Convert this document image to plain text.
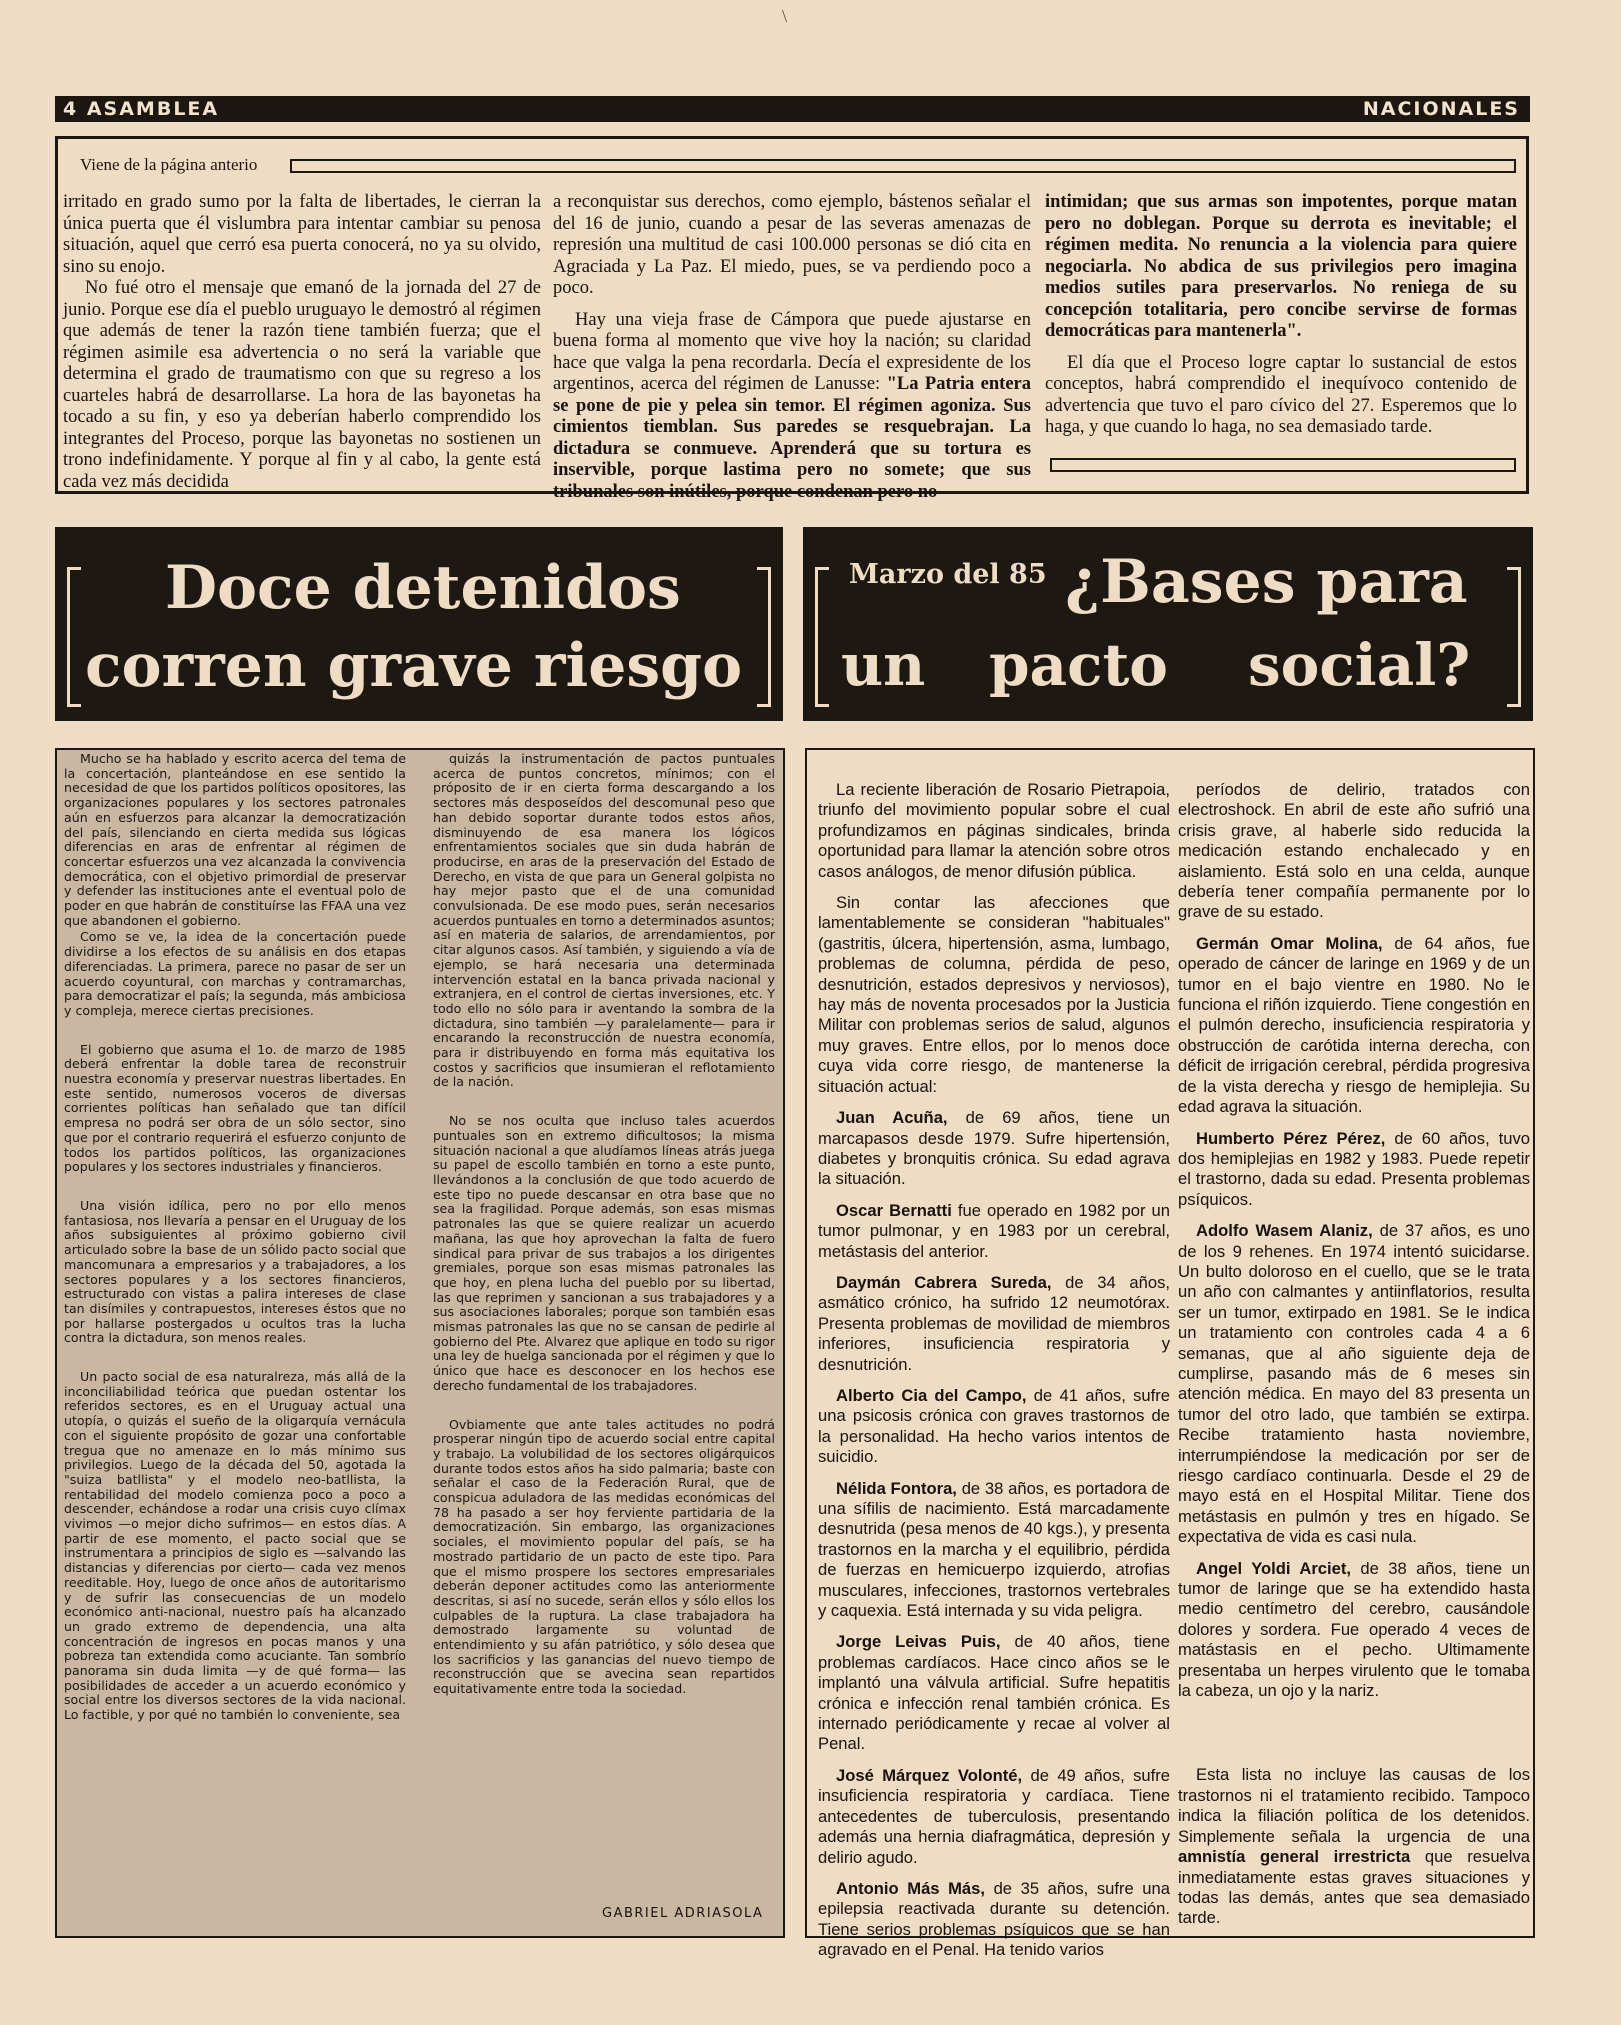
\
4 ASAMBLEA	NACIONALES
Viene de la página anterio

irritado en grado sumo por la falta de libertades, le cierran la única puerta que él vislumbra para intentar cambiar su penosa situación, aquel que cerró esa puerta conocerá, no ya su olvido, sino su enojo.

No fué otro el mensaje que emanó de la jornada del 27 de junio. Porque ese día el pueblo uruguayo le demostró al régimen que además de tener la razón tiene también fuerza; que el régimen asimile esa advertencia o no será la variable que determina el grado de traumatismo con que su regreso a los cuarteles habrá de desarrollarse. La hora de las bayonetas ha tocado a su fin, y eso ya deberían haberlo comprendido los integrantes del Proceso, porque las bayonetas no sostienen un trono indefinidamente. Y porque al fin y al cabo, la gente está cada vez más decidida

a reconquistar sus derechos, como ejemplo, bástenos señalar el del 16 de junio, cuando a pesar de las severas amenazas de represión una multitud de casi 100.000 personas se dió cita en Agraciada y La Paz. El miedo, pues, se va perdiendo poco a poco.

Hay una vieja frase de Cámpora que puede ajustarse en buena forma al momento que vive hoy la nación; su claridad hace que valga la pena recordarla. Decía el expresidente de los argentinos, acerca del régimen de Lanusse: "La Patria entera se pone de pie y pelea sin temor. El régimen agoniza. Sus cimientos tiemblan. Sus paredes se resquebrajan. La dictadura se conmueve. Aprenderá que su tortura es inservible, porque lastima pero no somete; que sus tribunales son inútiles, porque condenan pero no

intimidan; que sus armas son impotentes, porque matan pero no doblegan. Porque su derrota es inevitable; el régimen medita. No renuncia a la violencia para quiere negociarla. No abdica de sus privilegios pero imagina medios sutiles para preservarlos. No reniega de su concepción totalitaria, pero concibe servirse de formas democráticas para mantenerla".

El día que el Proceso logre captar lo sustancial de estos conceptos, habrá comprendido el inequívoco contenido de advertencia que tuvo el paro cívico del 27. Esperemos que lo haga, y que cuando lo haga, no sea demasiado tarde.

Doce detenidos
corren grave riesgo
Marzo del 85 ¿Bases para
un pacto social?

Mucho se ha hablado y escrito acerca del tema de la concertación, planteándose en ese sentido la necesidad de que los partidos políticos opositores, las organizaciones populares y los sectores patronales aún en esfuerzos para alcanzar la democratización del país, silenciando en cierta medida sus lógicas diferencias en aras de enfrentar al régimen de concertar esfuerzos una vez alcanzada la convivencia democrática, con el objetivo primordial de preservar y defender las instituciones ante el eventual polo de poder en que habrán de constituírse las FFAA una vez que abandonen el gobierno.

Como se ve, la idea de la concertación puede dividirse a los efectos de su análisis en dos etapas diferenciadas. La primera, parece no pasar de ser un acuerdo coyuntural, con marchas y contramarchas, para democratizar el país; la segunda, más ambiciosa y compleja, merece ciertas precisiones.

El gobierno que asuma el 1o. de marzo de 1985 deberá enfrentar la doble tarea de reconstruir nuestra economía y preservar nuestras libertades. En este sentido, numerosos voceros de diversas corrientes políticas han señalado que tan difícil empresa no podrá ser obra de un sólo sector, sino que por el contrario requerirá el esfuerzo conjunto de todos los partidos políticos, las organizaciones populares y los sectores industriales y financieros.

Una visión idílica, pero no por ello menos fantasiosa, nos llevaría a pensar en el Uruguay de los años subsiguientes al próximo gobierno civil articulado sobre la base de un sólido pacto social que mancomunara a empresarios y a trabajadores, a los sectores populares y a los sectores financieros, estructurado con vistas a palira intereses de clase tan disímiles y contrapuestos, intereses éstos que no por hallarse postergados u ocultos tras la lucha contra la dictadura, son menos reales.

Un pacto social de esa naturalreza, más allá de la inconciliabilidad teórica que puedan ostentar los referidos sectores, es en el Uruguay actual una utopía, o quizás el sueño de la oligarquía vernácula con el siguiente propósito de gozar una confortable tregua que no amenaze en lo más mínimo sus privilegios. Luego de la década del 50, agotada la "suiza batllista" y el modelo neo-batllista, la rentabilidad del modelo comienza poco a poco a descender, echándose a rodar una crisis cuyo clímax vivimos —o mejor dicho sufrimos— en estos días. A partir de ese momento, el pacto social que se instrumentara a principios de siglo es —salvando las distancias y diferencias por cierto— cada vez menos reeditable. Hoy, luego de once años de autoritarismo y de sufrir las consecuencias de un modelo económico anti-nacional, nuestro país ha alcanzado un grado extremo de dependencia, una alta concentración de ingresos en pocas manos y una pobreza tan extendida como acuciante. Tan sombrío panorama sin duda limita —y de qué forma— las posibilidades de acceder a un acuerdo económico y social entre los diversos sectores de la vida nacional. Lo factible, y por qué no también lo conveniente, sea

quizás la instrumentación de pactos puntuales acerca de puntos concretos, mínimos; con el próposito de ir en cierta forma descargando a los sectores más desposeídos del descomunal peso que han debido soportar durante todos estos años, disminuyendo de esa manera los lógicos enfrentamientos sociales que sin duda habrán de producirse, en aras de la preservación del Estado de Derecho, en vista de que para un General golpista no hay mejor pasto que el de una comunidad convulsionada. De ese modo pues, serán necesarios acuerdos puntuales en torno a determinados asuntos; así en materia de salarios, de arrendamientos, por citar algunos casos. Así también, y siguiendo a vía de ejemplo, se hará necesaria una determinada intervención estatal en la banca privada nacional y extranjera, en el control de ciertas inversiones, etc. Y todo ello no sólo para ir aventando la sombra de la dictadura, sino también —y paralelamente— para ir encarando la reconstrucción de nuestra economía, para ir distribuyendo en forma más equitativa los costos y sacrificios que insumieran el reflotamiento de la nación.

No se nos oculta que incluso tales acuerdos puntuales son en extremo dificultosos; la misma situación nacional a que aludíamos líneas atrás juega su papel de escollo también en torno a este punto, llevándonos a la conclusión de que todo acuerdo de este tipo no puede descansar en otra base que no sea la fragilidad. Porque además, son esas mismas patronales las que se quiere realizar un acuerdo mañana, las que hoy aprovechan la falta de fuero sindical para privar de sus trabajos a los dirigentes gremiales, porque son esas mismas patronales las que hoy, en plena lucha del pueblo por su libertad, las que reprimen y sancionan a sus trabajadores y a sus asociaciones laborales; porque son también esas mismas patronales las que no se cansan de pedirle al gobierno del Pte. Alvarez que aplique en todo su rigor una ley de huelga sancionada por el régimen y que lo único que hace es desconocer en los hechos ese derecho fundamental de los trabajadores.

Ovbiamente que ante tales actitudes no podrá prosperar ningún tipo de acuerdo social entre capital y trabajo. La volubilidad de los sectores oligárquicos durante todos estos años ha sido palmaria; baste con señalar el caso de la Federación Rural, que de conspicua aduladora de las medidas económicas del 78 ha pasado a ser hoy ferviente partidaria de la democratización. Sin embargo, las organizaciones sociales, el movimiento popular del país, se ha mostrado partidario de un pacto de este tipo. Para que el mismo prospere los sectores empresariales deberán deponer actitudes como las anteriormente descritas, si así no sucede, serán ellos y sólo ellos los culpables de la ruptura. La clase trabajadora ha demostrado largamente su voluntad de entendimiento y su afán patriótico, y sólo desea que los sacrificios y las ganancias del nuevo tiempo de reconstrucción que se avecina sean repartidos equitativamente entre toda la sociedad.

GABRIEL ADRIASOLA

La reciente liberación de Rosario Pietrapoia, triunfo del movimiento popular sobre el cual profundizamos en páginas sindicales, brinda oportunidad para llamar la atención sobre otros casos análogos, de menor difusión pública.

Sin contar las afecciones que lamentablemente se consideran "habituales" (gastritis, úlcera, hipertensión, asma, lumbago, problemas de columna, pérdida de peso, desnutrición, estados depresivos y nerviosos), hay más de noventa procesados por la Justicia Militar con problemas serios de salud, algunos muy graves. Entre ellos, por lo menos doce cuya vida corre riesgo, de mantenerse la situación actual:

Juan Acuña, de 69 años, tiene un marcapasos desde 1979. Sufre hipertensión, diabetes y bronquitis crónica. Su edad agrava la situación.

Oscar Bernatti fue operado en 1982 por un tumor pulmonar, y en 1983 por un cerebral, metástasis del anterior.

Daymán Cabrera Sureda, de 34 años, asmático crónico, ha sufrido 12 neumotórax. Presenta problemas de movilidad de miembros inferiores, insuficiencia respiratoria y desnutrición.

Alberto Cia del Campo, de 41 años, sufre una psicosis crónica con graves trastornos de la personalidad. Ha hecho varios intentos de suicidio.

Nélida Fontora, de 38 años, es portadora de una sífilis de nacimiento. Está marcadamente desnutrida (pesa menos de 40 kgs.), y presenta trastornos en la marcha y el equilibrio, pérdida de fuerzas en hemicuerpo izquierdo, atrofias musculares, infecciones, trastornos vertebrales y caquexia. Está internada y su vida peligra.

Jorge Leivas Puis, de 40 años, tiene problemas cardíacos. Hace cinco años se le implantó una válvula artificial. Sufre hepatitis crónica e infección renal también crónica. Es internado periódicamente y recae al volver al Penal.

José Márquez Volonté, de 49 años, sufre insuficiencia respiratoria y cardíaca. Tiene antecedentes de tuberculosis, presentando además una hernia diafragmática, depresión y delirio agudo.

Antonio Más Más, de 35 años, sufre una epilepsia reactivada durante su detención. Tiene serios problemas psíquicos que se han agravado en el Penal. Ha tenido varios

períodos de delirio, tratados con electroshock. En abril de este año sufrió una crisis grave, al haberle sido reducida la medicación estando enchalecado y en aislamiento. Está solo en una celda, aunque debería tener compañía permanente por lo grave de su estado.

Germán Omar Molina, de 64 años, fue operado de cáncer de laringe en 1969 y de un tumor en el bajo vientre en 1980. No le funciona el riñón izquierdo. Tiene congestión en el pulmón derecho, insuficiencia respiratoria y obstrucción de carótida interna derecha, con déficit de irrigación cerebral, pérdida progresiva de la vista derecha y riesgo de hemiplejia. Su edad agrava la situación.

Humberto Pérez Pérez, de 60 años, tuvo dos hemiplejias en 1982 y 1983. Puede repetir el trastorno, dada su edad. Presenta problemas psíquicos.

Adolfo Wasem Alaniz, de 37 años, es uno de los 9 rehenes. En 1974 intentó suicidarse. Un bulto doloroso en el cuello, que se le trata un año con calmantes y antiinflatorios, resulta ser un tumor, extirpado en 1981. Se le indica un tratamiento con controles cada 4 a 6 semanas, que al año siguiente deja de cumplirse, pasando más de 6 meses sin atención médica. En mayo del 83 presenta un tumor del otro lado, que también se extirpa. Recibe tratamiento hasta noviembre, interrumpiéndose la medicación por ser de riesgo cardíaco continuarla. Desde el 29 de mayo está en el Hospital Militar. Tiene dos metástasis en pulmón y tres en hígado. Se expectativa de vida es casi nula.

Angel Yoldi Arciet, de 38 años, tiene un tumor de laringe que se ha extendido hasta medio centímetro del cerebro, causándole dolores y sordera. Fue operado 4 veces de matástasis en el pecho. Ultimamente presentaba un herpes virulento que le tomaba la cabeza, un ojo y la nariz.

Esta lista no incluye las causas de los trastornos ni el tratamiento recibido. Tampoco indica la filiación política de los detenidos. Simplemente señala la urgencia de una amnistía general irrestricta que resuelva inmediatamente estas graves situaciones y todas las demás, antes que sea demasiado tarde.
